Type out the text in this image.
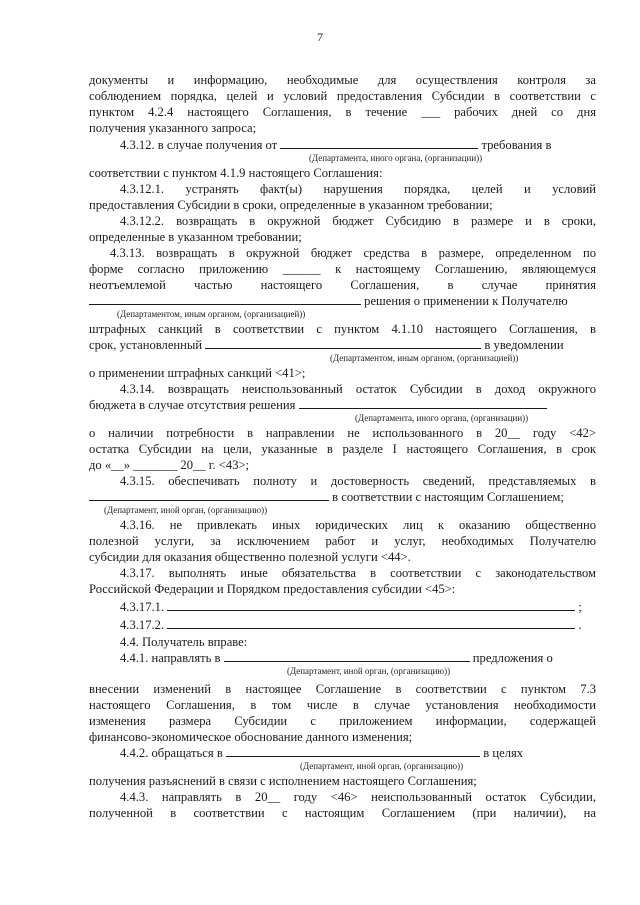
7
документы и информацию, необходимые для осуществления контроля за
соблюдением порядка, целей и условий предоставления Субсидии в соответствии с
пунктом 4.2.4 настоящего Соглашения, в течение ___ рабочих дней со дня
получения указанного запроса;
4.3.12. в случае получения от	требования в
(Департамента, иного органа, (организации))
соответствии с пунктом 4.1.9 настоящего Соглашения:
4.3.12.1. устранять факт(ы) нарушения порядка, целей и условий
предоставления Субсидии в сроки, определенные в указанном требовании;
4.3.12.2. возвращать в окружной бюджет Субсидию в размере и в сроки,
определенные в указанном требовании;
4.3.13. возвращать в окружной бюджет средства в размере, определенном по
форме согласно приложению ______ к настоящему Соглашению, являющемуся
неотъемлемой частью настоящего Соглашения, в случае принятия
решения о применении к Получателю
(Департаментом, иным органом, (организацией))
штрафных санкций в соответствии с пунктом 4.1.10 настоящего Соглашения, в
срок, установленный	в уведомлении
(Департаментом, иным органом, (организацией))
о применении штрафных санкций <41>;
4.3.14. возвращать неиспользованный остаток Субсидии в доход окружного
бюджета в случае отсутствия решения
(Департамента, иного органа, (организации))
о наличии потребности в направлении не использованного в 20__ году <42>
остатка Субсидии на цели, указанные в разделе I настоящего Соглашения, в срок
до «__» _______ 20__ г. <43>;
4.3.15. обеспечивать полноту и достоверность сведений, представляемых в
в соответствии с настоящим Соглашением;
(Департамент, иной орган, (организацию))
4.3.16. не привлекать иных юридических лиц к оказанию общественно
полезной услуги, за исключением работ и услуг, необходимых Получателю
субсидии для оказания общественно полезной услуги <44>.
4.3.17. выполнять иные обязательства в соответствии с законодательством
Российской Федерации и Порядком предоставления субсидии <45>:
4.3.17.1.	;
4.3.17.2.	.
4.4. Получатель вправе:
4.4.1. направлять в	предложения о
(Департамент, иной орган, (организацию))
внесении изменений в настоящее Соглашение в соответствии с пунктом 7.3
настоящего Соглашения, в том числе в случае установления необходимости
изменения размера Субсидии с приложением информации, содержащей
финансово-экономическое обоснование данного изменения;
4.4.2. обращаться в	в целях
(Департамент, иной орган, (организацию))
получения разъяснений в связи с исполнением настоящего Соглашения;
4.4.3. направлять в 20__ году <46> неиспользованный остаток Субсидии,
полученной в соответствии с настоящим Соглашением (при наличии), на
